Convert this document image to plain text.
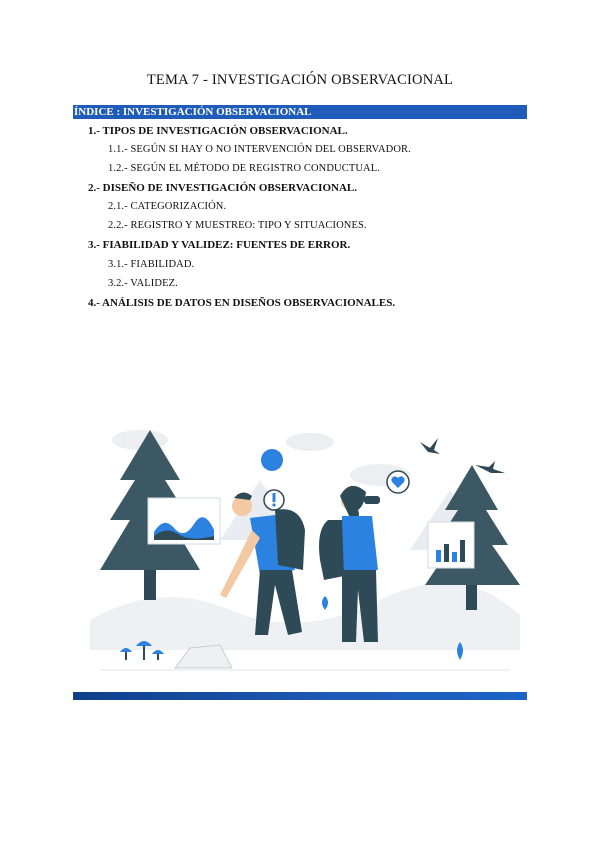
TEMA 7 - INVESTIGACIÓN OBSERVACIONAL
ÍNDICE : INVESTIGACIÓN OBSERVACIONAL
1.- TIPOS DE INVESTIGACIÓN OBSERVACIONAL.
1.1.- SEGÚN SI HAY O NO INTERVENCIÓN DEL OBSERVADOR.
1.2.- SEGÚN EL MÉTODO DE REGISTRO CONDUCTUAL.
2.- DISEÑO DE INVESTIGACIÓN OBSERVACIONAL.
2.1.- CATEGORIZACIÓN.
2.2.- REGISTRO Y MUESTREO: TIPO Y SITUACIONES.
3.- FIABILIDAD Y VALIDEZ: FUENTES DE ERROR.
3.1.- FIABILIDAD.
3.2.- VALIDEZ.
4.- ANÁLISIS DE DATOS EN DISEÑOS OBSERVACIONALES.
